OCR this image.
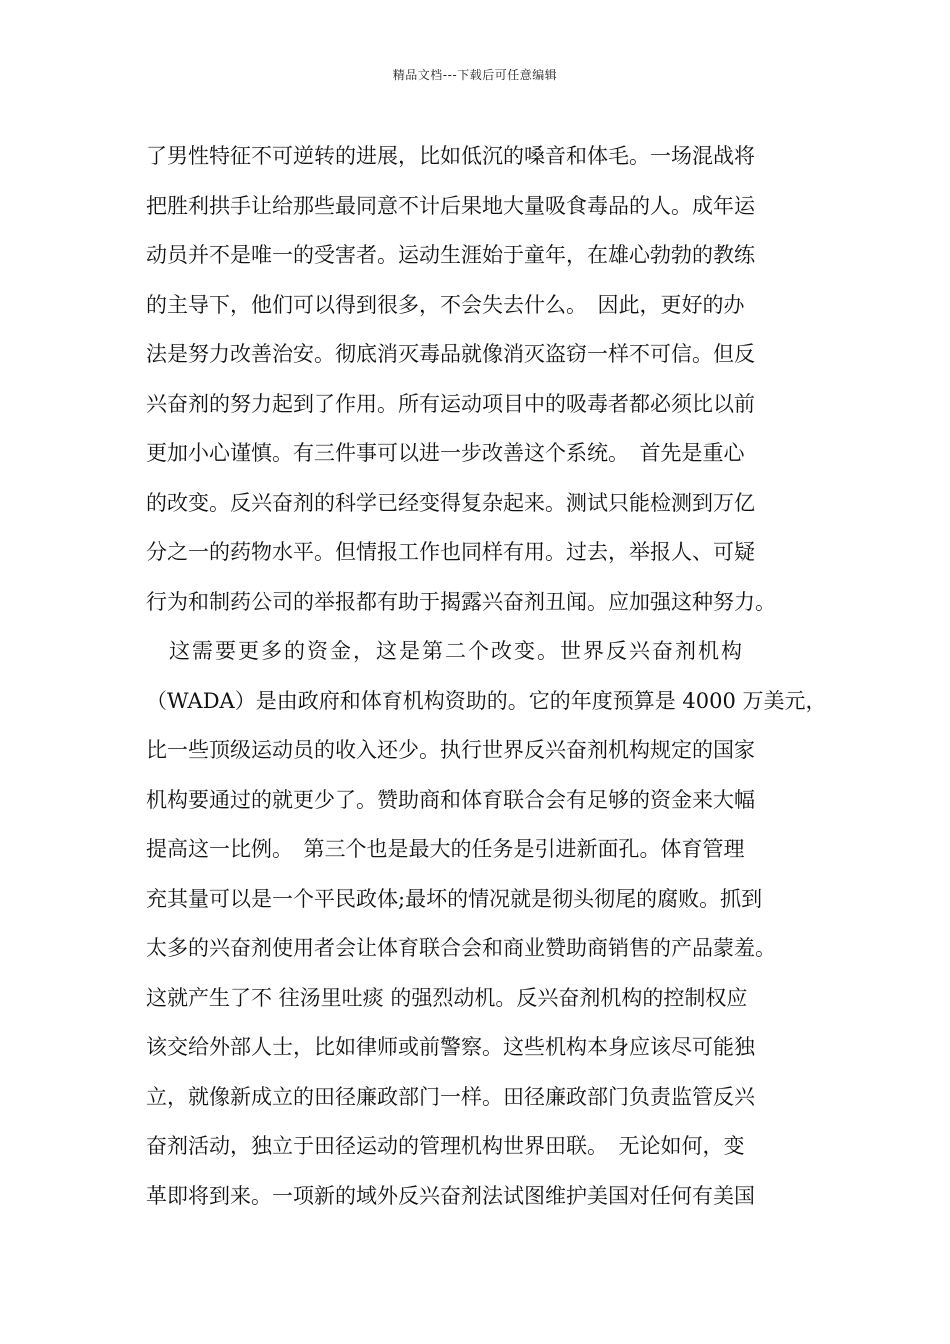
精品文档---下载后可任意编辑
了男性特征不可逆转的进展，比如低沉的嗓音和体毛。一场混战将
把胜利拱手让给那些最同意不计后果地大量吸食毒品的人。成年运
动员并不是唯一的受害者。运动生涯始于童年，在雄心勃勃的教练
的主导下，他们可以得到很多，不会失去什么。　因此，更好的办
法是努力改善治安。彻底消灭毒品就像消灭盗窃一样不可信。但反
兴奋剂的努力起到了作用。所有运动项目中的吸毒者都必须比以前
更加小心谨慎。有三件事可以进一步改善这个系统。　首先是重心
的改变。反兴奋剂的科学已经变得复杂起来。测试只能检测到万亿
分之一的药物水平。但情报工作也同样有用。过去，举报人、可疑
行为和制药公司的举报都有助于揭露兴奋剂丑闻。应加强这种努力。
　这需要更多的资金，这是第二个改变。世界反兴奋剂机构
（WADA）是由政府和体育机构资助的。它的年度预算是 4000 万美元，
比一些顶级运动员的收入还少。执行世界反兴奋剂机构规定的国家
机构要通过的就更少了。赞助商和体育联合会有足够的资金来大幅
提高这一比例。　第三个也是最大的任务是引进新面孔。体育管理
充其量可以是一个平民政体;最坏的情况就是彻头彻尾的腐败。抓到
太多的兴奋剂使用者会让体育联合会和商业赞助商销售的产品蒙羞。
这就产生了不 往汤里吐痰 的强烈动机。反兴奋剂机构的控制权应
该交给外部人士，比如律师或前警察。这些机构本身应该尽可能独
立，就像新成立的田径廉政部门一样。田径廉政部门负责监管反兴
奋剂活动，独立于田径运动的管理机构世界田联。　无论如何，变
革即将到来。一项新的域外反兴奋剂法试图维护美国对任何有美国
